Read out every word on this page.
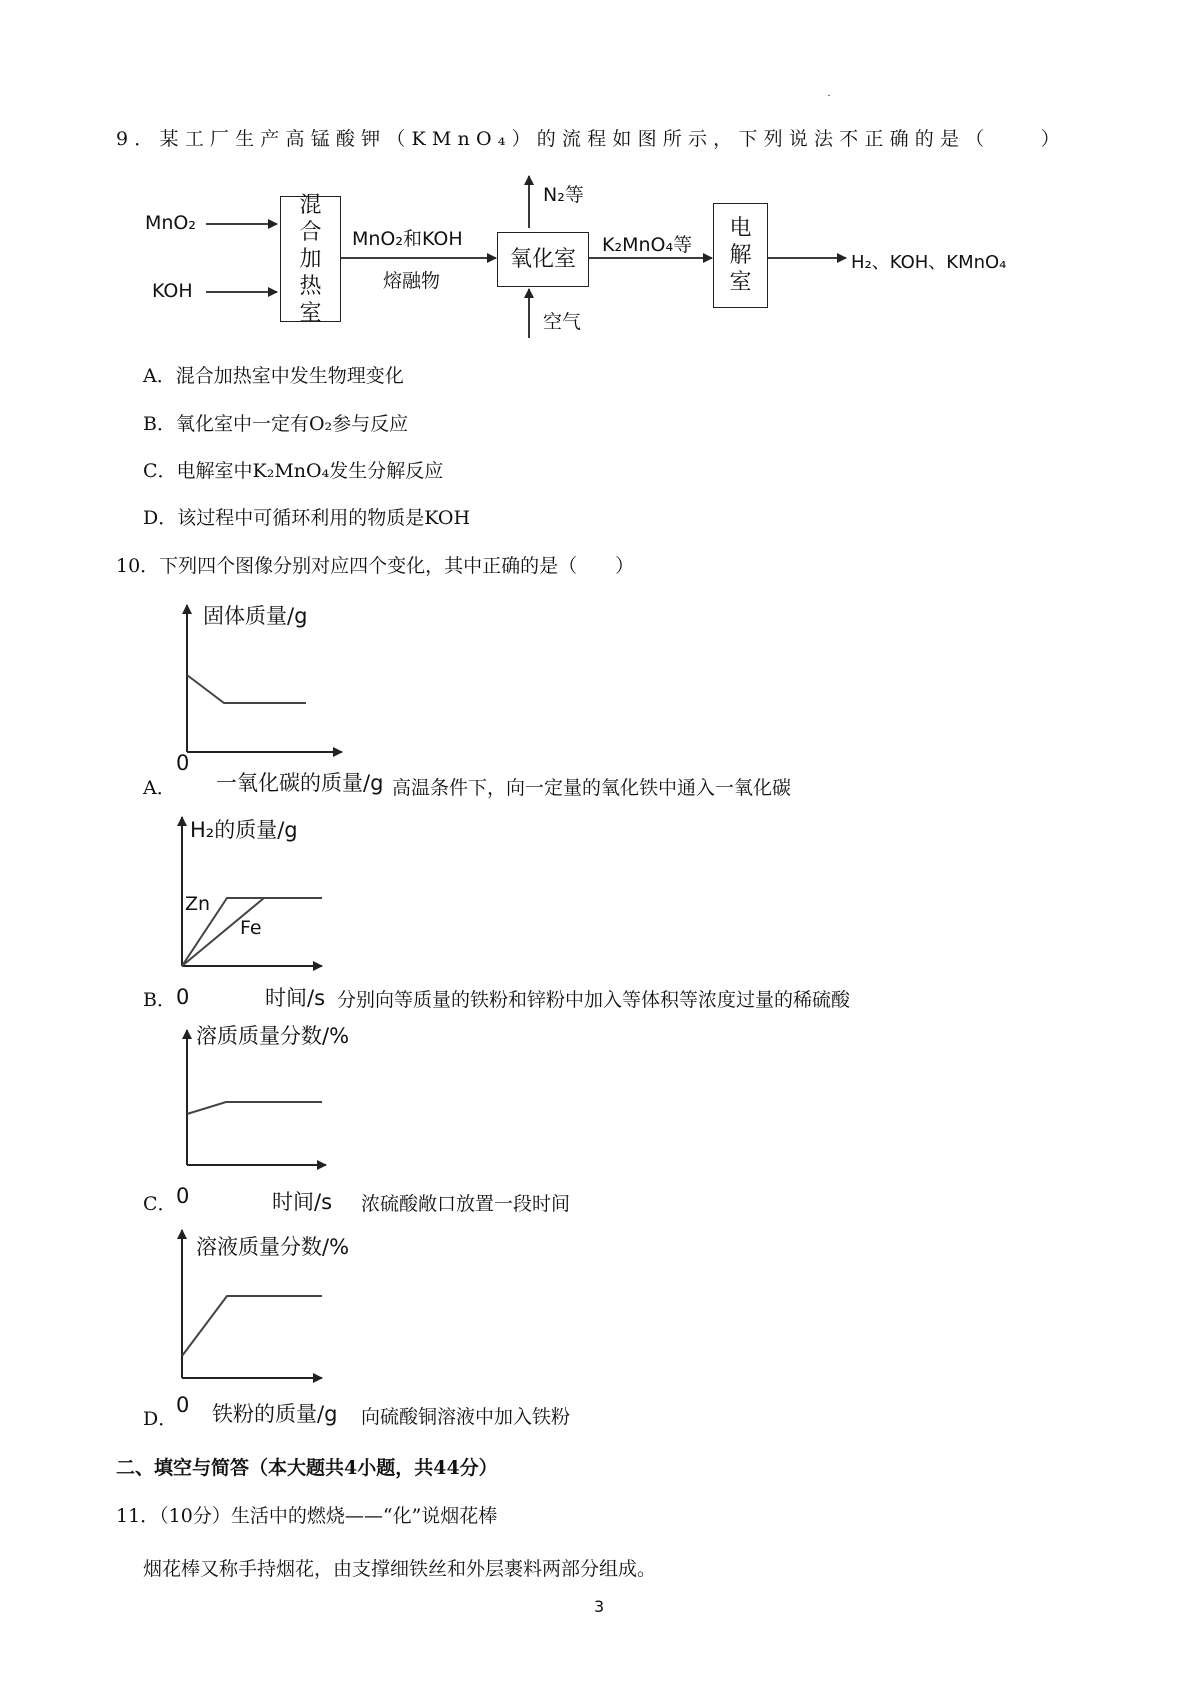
˙
9．某工厂生产高锰酸钾（KMnO₄）的流程如图所示，下列说法不正确的是（　　）
MnO₂
KOH
混
合
加
热
室
MnO₂和KOH
熔融物
氧化室
N₂等
空气
K₂MnO₄等
电
解
室
H₂、KOH、KMnO₄
A．混合加热室中发生物理变化
B．氧化室中一定有O₂参与反应
C．电解室中K₂MnO₄发生分解反应
D．该过程中可循环利用的物质是KOH
10．下列四个图像分别对应四个变化，其中正确的是（　　）
固体质量/g
0
A． 一氧化碳的质量/g 高温条件下，向一定量的氧化铁中通入一氧化碳
H₂的质量/g
Zn
Fe
B． 0	时间/s 分别向等质量的铁粉和锌粉中加入等体积等浓度过量的稀硫酸
溶质质量分数/%
0
C．	时间/s 浓硫酸敞口放置一段时间
溶液质量分数/%
0
D． 铁粉的质量/g 向硫酸铜溶液中加入铁粉
二、填空与简答（本大题共4小题，共44分）
11．（10分）生活中的燃烧——“化”说烟花棒
烟花棒又称手持烟花，由支撑细铁丝和外层裹料两部分组成。
3
